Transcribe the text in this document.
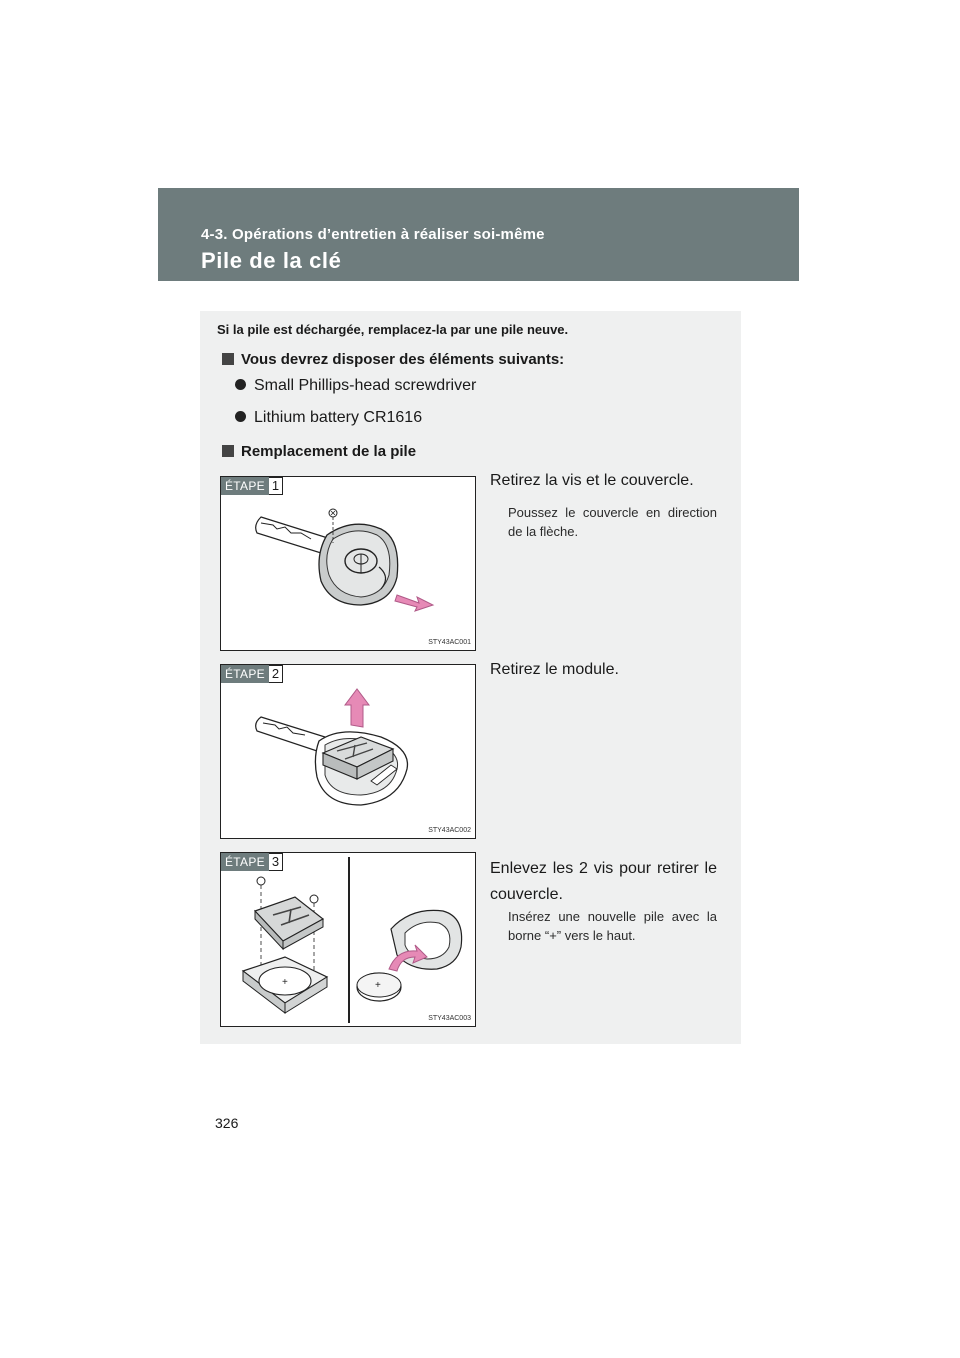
4-3. Opérations d’entretien à réaliser soi-même
Pile de la clé
Si la pile est déchargée, remplacez-la par une pile neuve.
Vous devrez disposer des éléments suivants:
Small Phillips-head screwdriver
Lithium battery CR1616
Remplacement de la pile
ÉTAPE 1
STY43AC001
Retirez la vis et le couvercle.
Poussez le couvercle en direction de la flèche.
ÉTAPE 2
STY43AC002
Retirez le module.
+	+
ÉTAPE 3
STY43AC003
Enlevez les 2 vis pour retirer le couvercle.
Insérez une nouvelle pile avec la borne “+” vers le haut.
326
